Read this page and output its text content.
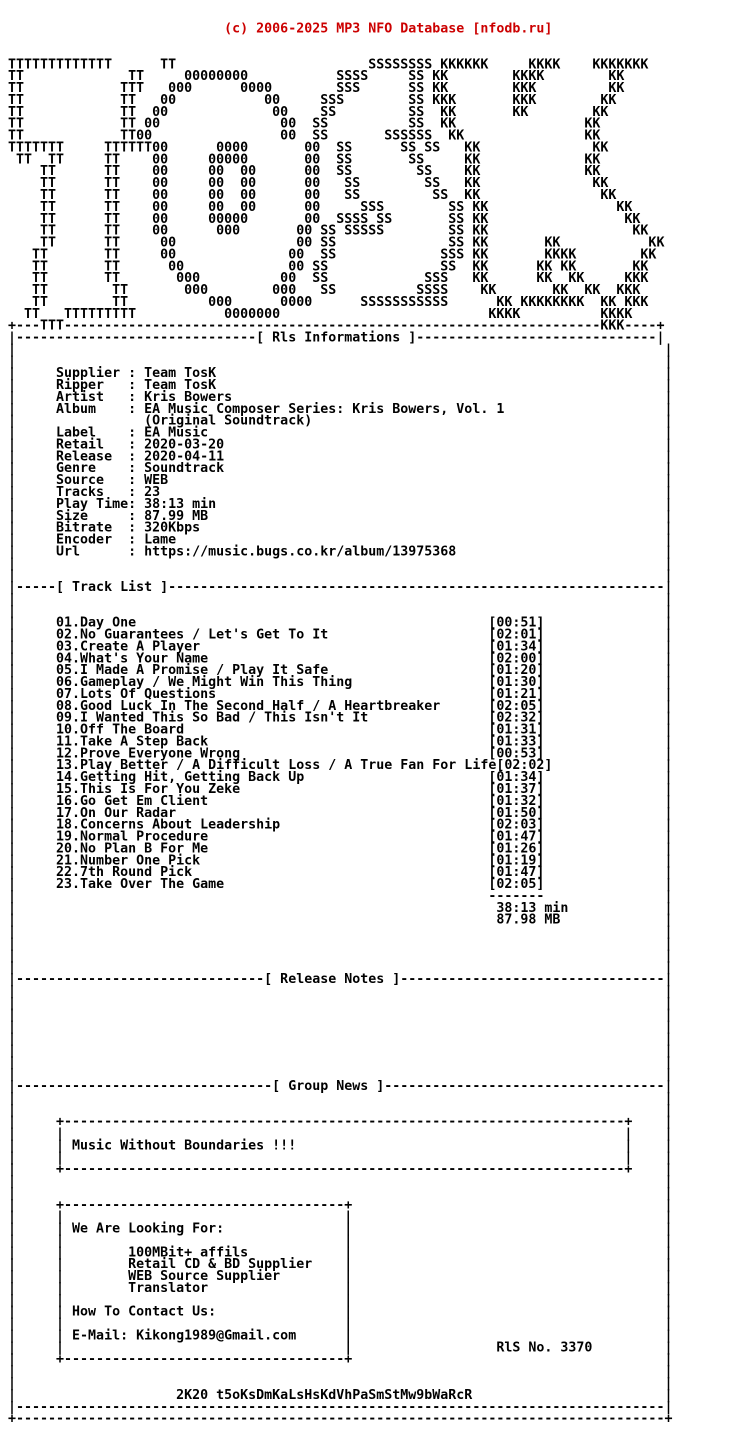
(c) 2006-2025 MP3 NFO Database [nfodb.ru]

TTTTTTTTTTTTT      TT                        SSSSSSSS KKKKKK     KKKK    KKKKKKK
TT             TT     00000000           SSSS     SS KK        KKKK        KK
TT            TTT   000      0000        SSS      SS KK        KKK         KK
TT            TT   00           00     SSS        SS KKK       KKK        KK
TT            TT  00             00    SS         SS  KK       KK        KK
TT            TT 00               00  SS          SS  KK                KK
TT            TT00                00  SS       SSSSSS  KK               KK
TTTTTTT     TTTTTT00      0000       00  SS      SS SS   KK              KK
TT  TT     TT    00     00000       00  SS       SS     KK             KK
TT      TT    00     00  00      00  SS        SS    KK             KK
TT      TT    00     00  00      00   SS        SS   KK              KK
TT      TT    00     00  00      00   SS         SS  KK               KK
TT      TT    00     00  00      00     SSS        SS KK                KK
TT      TT    00     00000       00  SSSS SS       SS KK                 KK
TT      TT    00      000       00 SS SSSSS        SS KK                  KK
TT      TT     00               00 SS              SS KK       KK           KK
TT       TT     00              00  SS             SSS KK       KKKK        KK
TT       TT      00             00 SS              SS  KK      KK KK       KK
TT       TT       000          00  SS            SSS   KK      KK  KK     KKK
TT        TT       000        000   SS          SSSS    KK       KK  KK  KKK
TT        TT          000      0000      SSSSSSSSSSS      KK KKKKKKKK  KK KKK
TT   TTTTTTTTT           0000000                          KKKK          KKKK
+---TTT-------------------------------------------------------------------KKK----+
|------------------------------[ Rls Informations ]------------------------------|
|                                                                                 |
|                                                                                 |
|     Supplier : Team TosK                                                        |
|     Ripper   : Team TosK                                                        |
|     Artist   : Kris Bowers                                                      |
|     Album    : EA Music Composer Series: Kris Bowers, Vol. 1                    |
|                (Original Soundtrack)                                            |
|     Label    : EA Music                                                         |
|     Retail   : 2020-03-20                                                       |
|     Release  : 2020-04-11                                                       |
|     Genre    : Soundtrack                                                       |
|     Source   : WEB                                                              |
|     Tracks   : 23                                                               |
|     Play Time: 38:13 min                                                        |
|     Size     : 87.99 MB                                                         |
|     Bitrate  : 320Kbps                                                          |
|     Encoder  : Lame                                                             |
|     Url      : https://music.bugs.co.kr/album/13975368                          |
|                                                                                 |
|                                                                                 |
|-----[ Track List ]--------------------------------------------------------------|
|                                                                                 |
|                                                                                 |
|     01.Day One                                            [00:51]               |
|     02.No Guarantees / Let's Get To It                    [02:01]               |
|     03.Create A Player                                    [01:34]               |
|     04.What's Your Name                                   [02:00]               |
|     05.I Made A Promise / Play It Safe                    [01:20]               |
|     06.Gameplay / We Might Win This Thing                 [01:30]               |
|     07.Lots Of Questions                                  [01:21]               |
|     08.Good Luck In The Second Half / A Heartbreaker      [02:05]               |
|     09.I Wanted This So Bad / This Isn't It               [02:32]               |
|     10.Off The Board                                      [01:31]               |
|     11.Take A Step Back                                   [01:33]               |
|     12.Prove Everyone Wrong                               [00:53]               |
|     13.Play Better / A Difficult Loss / A True Fan For Life[02:02]              |
|     14.Getting Hit, Getting Back Up                       [01:34]               |
|     15.This Is For You Zeke                               [01:37]               |
|     16.Go Get Em Client                                   [01:32]               |
|     17.On Our Radar                                       [01:50]               |
|     18.Concerns About Leadership                          [02:03]               |
|     19.Normal Procedure                                   [01:47]               |
|     20.No Plan B For Me                                   [01:26]               |
|     21.Number One Pick                                    [01:19]               |
|     22.7th Round Pick                                     [01:47]               |
|     23.Take Over The Game                                 [02:05]               |
|                                                           -------               |
|                                                            38:13 min            |
|                                                            87.98 MB             |
|                                                                                 |
|                                                                                 |
|                                                                                 |
|                                                                                 |
|-------------------------------[ Release Notes ]---------------------------------|
|                                                                                 |
|                                                                                 |
|                                                                                 |
|                                                                                 |
|                                                                                 |
|                                                                                 |
|                                                                                 |
|                                                                                 |
|--------------------------------[ Group News ]-----------------------------------|
|                                                                                 |
|                                                                                 |
|     +----------------------------------------------------------------------+    |
|     |                                                                      |    |
|     | Music Without Boundaries !!!                                         |    |
|     |                                                                      |    |
|     +----------------------------------------------------------------------+    |
|                                                                                 |
|                                                                                 |
|     +-----------------------------------+                                       |
|     |                                   |                                       |
|     | We Are Looking For:               |                                       |
|     |                                   |                                       |
|     |        100MBit+ affils            |                                       |
|     |        Retail CD & BD Supplier    |                                       |
|     |        WEB Source Supplier        |                                       |
|     |        Translator                 |                                       |
|     |                                   |                                       |
|     | How To Contact Us:                |                                       |
|     |                                   |                                       |
|     | E-Mail: Kikong1989@Gmail.com      |                                       |
|     |                                   |                  RlS No. 3370         |
|     +-----------------------------------+                                       |
|                                                                                 |
|                                                                                 |
|                    2K20 t5oKsDmKaLsHsKdVhPaSmStMw9bWaRcR                        |
|---------------------------------------------------------------------------------|
+---------------------------------------------------------------------------------+
